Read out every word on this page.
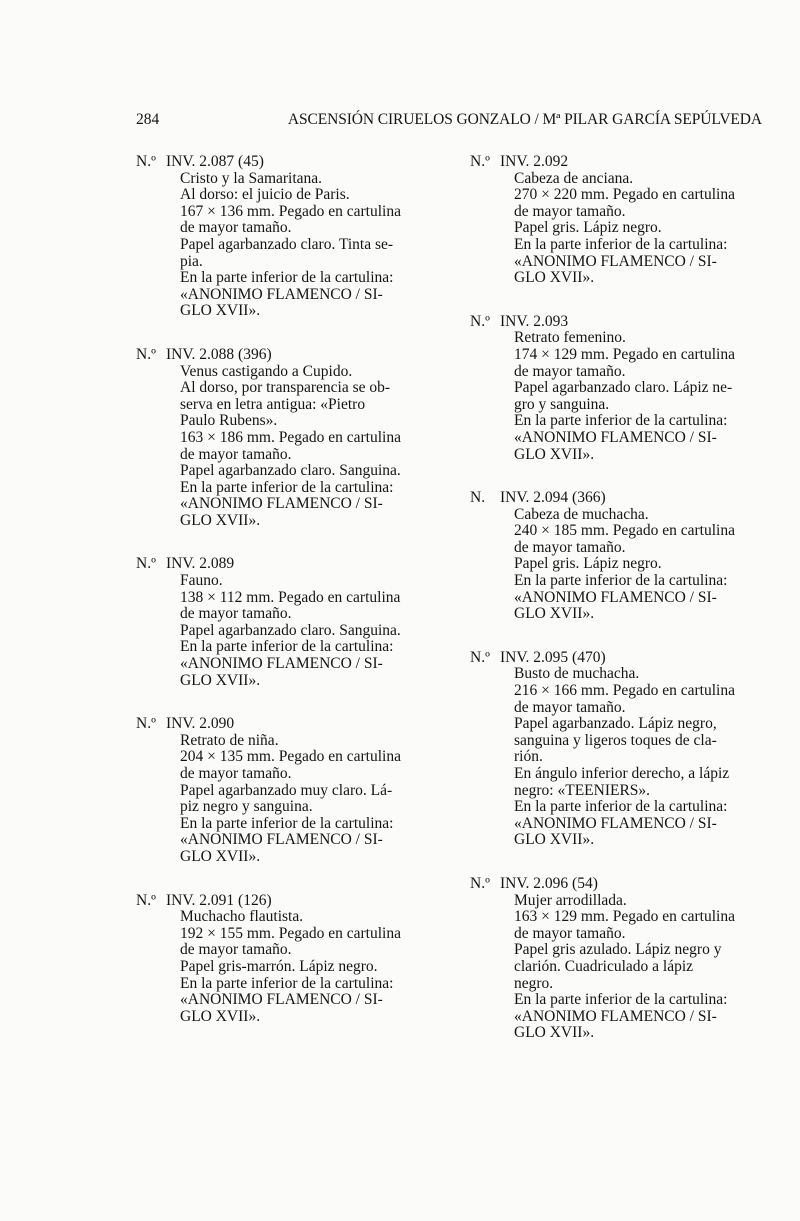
284	ASCENSIÓN CIRUELOS GONZALO / Mª PILAR GARCÍA SEPÚLVEDA
N.º INV. 2.087 (45)
Cristo y la Samaritana.
Al dorso: el juicio de Paris.
167 × 136 mm. Pegado en cartulina
de mayor tamaño.
Papel agarbanzado claro. Tinta se-
pia.
En la parte inferior de la cartulina:
«ANONIMO FLAMENCO / SI-
GLO XVII».
N.º INV. 2.088 (396)
Venus castigando a Cupido.
Al dorso, por transparencia se ob-
serva en letra antigua: «Pietro
Paulo Rubens».
163 × 186 mm. Pegado en cartulina
de mayor tamaño.
Papel agarbanzado claro. Sanguina.
En la parte inferior de la cartulina:
«ANONIMO FLAMENCO / SI-
GLO XVII».
N.º INV. 2.089
Fauno.
138 × 112 mm. Pegado en cartulina
de mayor tamaño.
Papel agarbanzado claro. Sanguina.
En la parte inferior de la cartulina:
«ANONIMO FLAMENCO / SI-
GLO XVII».
N.º INV. 2.090
Retrato de niña.
204 × 135 mm. Pegado en cartulina
de mayor tamaño.
Papel agarbanzado muy claro. Lá-
piz negro y sanguina.
En la parte inferior de la cartulina:
«ANONIMO FLAMENCO / SI-
GLO XVII».
N.º INV. 2.091 (126)
Muchacho flautista.
192 × 155 mm. Pegado en cartulina
de mayor tamaño.
Papel gris-marrón. Lápiz negro.
En la parte inferior de la cartulina:
«ANONIMO FLAMENCO / SI-
GLO XVII».
N.º INV. 2.092
Cabeza de anciana.
270 × 220 mm. Pegado en cartulina
de mayor tamaño.
Papel gris. Lápiz negro.
En la parte inferior de la cartulina:
«ANONIMO FLAMENCO / SI-
GLO XVII».
N.º INV. 2.093
Retrato femenino.
174 × 129 mm. Pegado en cartulina
de mayor tamaño.
Papel agarbanzado claro. Lápiz ne-
gro y sanguina.
En la parte inferior de la cartulina:
«ANONIMO FLAMENCO / SI-
GLO XVII».
N. INV. 2.094 (366)
Cabeza de muchacha.
240 × 185 mm. Pegado en cartulina
de mayor tamaño.
Papel gris. Lápiz negro.
En la parte inferior de la cartulina:
«ANONIMO FLAMENCO / SI-
GLO XVII».
N.º INV. 2.095 (470)
Busto de muchacha.
216 × 166 mm. Pegado en cartulina
de mayor tamaño.
Papel agarbanzado. Lápiz negro,
sanguina y ligeros toques de cla-
rión.
En ángulo inferior derecho, a lápiz
negro: «TEENIERS».
En la parte inferior de la cartulina:
«ANONIMO FLAMENCO / SI-
GLO XVII».
N.º INV. 2.096 (54)
Mujer arrodillada.
163 × 129 mm. Pegado en cartulina
de mayor tamaño.
Papel gris azulado. Lápiz negro y
clarión. Cuadriculado a lápiz
negro.
En la parte inferior de la cartulina:
«ANONIMO FLAMENCO / SI-
GLO XVII».
